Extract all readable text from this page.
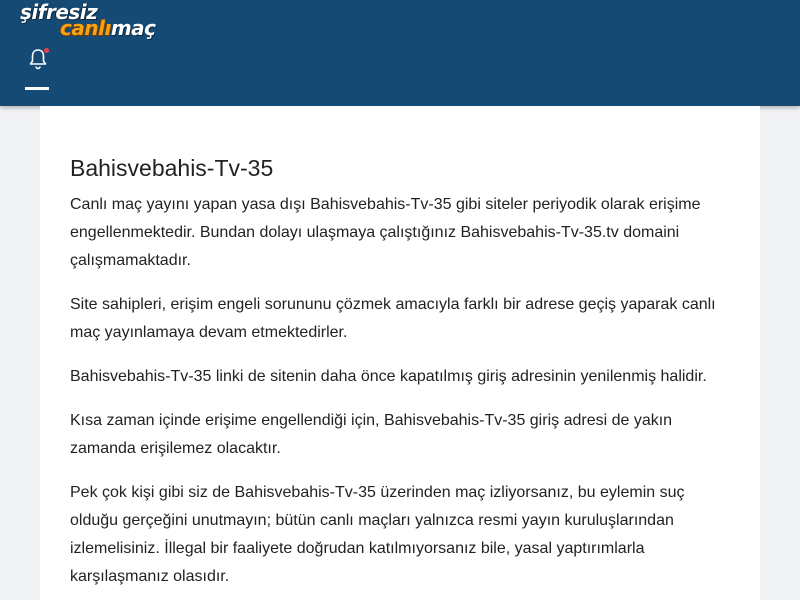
şifresiz
canlımaç
Bahisvebahis-Tv-35

Canlı maç yayını yapan yasa dışı Bahisvebahis-Tv-35 gibi siteler periyodik olarak erişime engellenmektedir. Bundan dolayı ulaşmaya çalıştığınız Bahisvebahis-Tv-35.tv domaini çalışmamaktadır.

Site sahipleri, erişim engeli sorununu çözmek amacıyla farklı bir adrese geçiş yaparak canlı maç yayınlamaya devam etmektedirler.

Bahisvebahis-Tv-35 linki de sitenin daha önce kapatılmış giriş adresinin yenilenmiş halidir.

Kısa zaman içinde erişime engellendiği için, Bahisvebahis-Tv-35 giriş adresi de yakın zamanda erişilemez olacaktır.

Pek çok kişi gibi siz de Bahisvebahis-Tv-35 üzerinden maç izliyorsanız, bu eylemin suç olduğu gerçeğini unutmayın; bütün canlı maçları yalnızca resmi yayın kuruluşlarından izlemelisiniz. İllegal bir faaliyete doğrudan katılmıyorsanız bile, yasal yaptırımlarla karşılaşmanız olasıdır.
